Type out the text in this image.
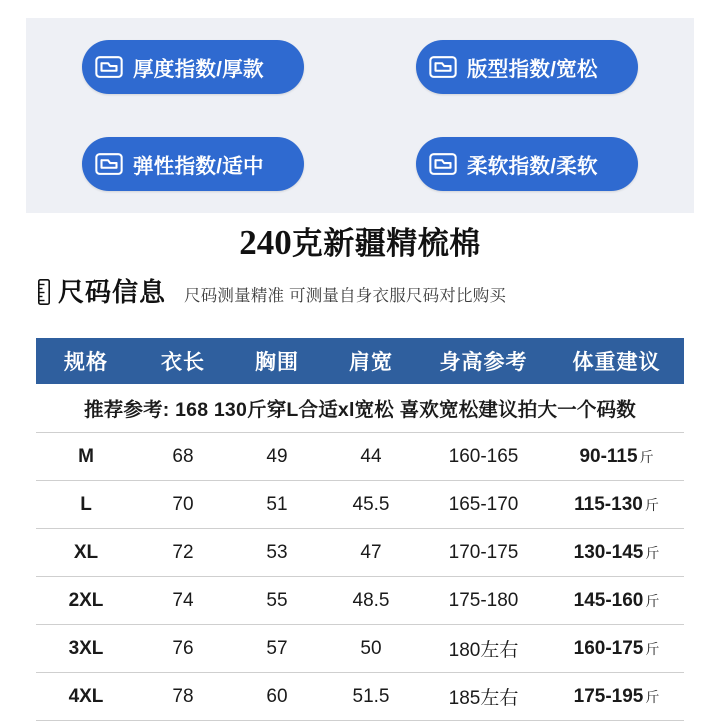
厚度指数/厚款	版型指数/宽松
弹性指数/适中	柔软指数/柔软
240克新疆精梳棉
尺码信息 尺码测量精准 可测量自身衣服尺码对比购买
规格	衣长	胸围	肩宽	身高参考	体重建议
推荐参考: 168 130斤穿L合适xl宽松 喜欢宽松建议拍大一个码数					
M	68	49	44	160-165	90-115 斤

L	70	51	45.5	165-170	115-130 斤

XL	72	53	47	170-175	130-145 斤

2XL	74	55	48.5	175-180	145-160 斤

3XL	76	57	50	180左右	160-175 斤

4XL	78	60	51.5	185左右	175-195 斤
